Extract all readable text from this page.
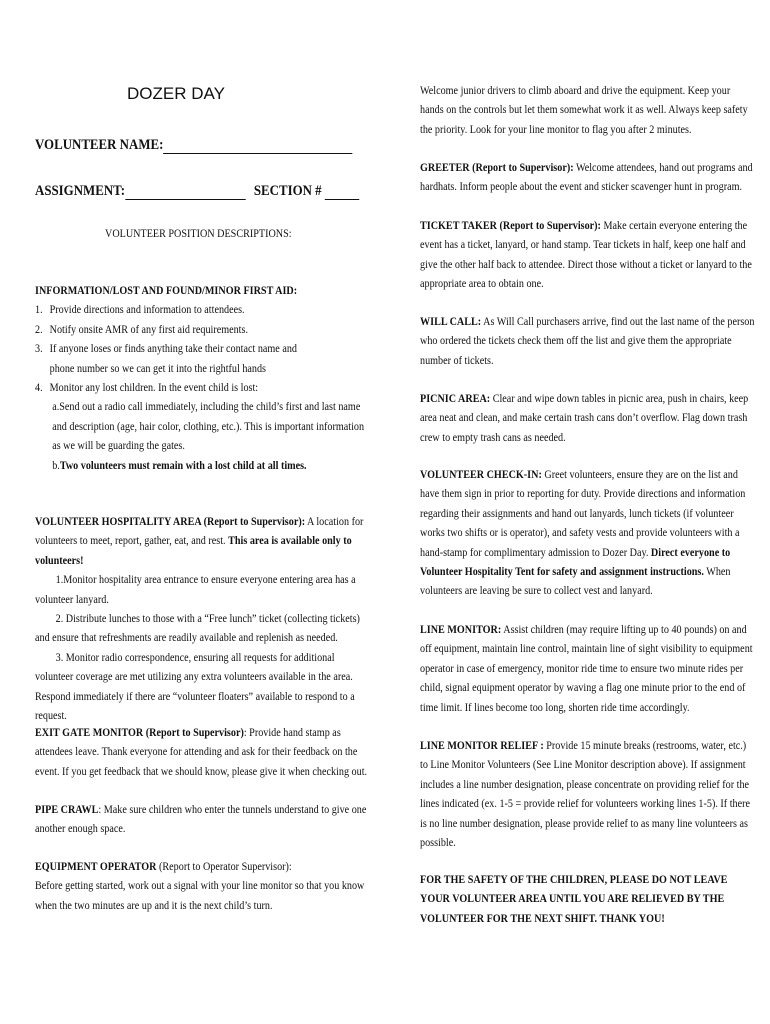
DOZER DAY
VOLUNTEER NAME:
ASSIGNMENT:	SECTION #
VOLUNTEER POSITION DESCRIPTIONS:
INFORMATION/LOST AND FOUND/MINOR FIRST AID:
1. Provide directions and information to attendees.
2. Notify onsite AMR of any first aid requirements.
3. If anyone loses or finds anything take their contact name and phone number so we can get it into the rightful hands
4. Monitor any lost children. In the event child is lost:
a.Send out a radio call immediately, including the child’s first and last name and description (age, hair color, clothing, etc.). This is important information as we will be guarding the gates.
b.Two volunteers must remain with a lost child at all times.
VOLUNTEER HOSPITALITY AREA (Report to Supervisor): A location for volunteers to meet, report, gather, eat, and rest. This area is available only to volunteers!
1.Monitor hospitality area entrance to ensure everyone entering area has a volunteer lanyard.
2. Distribute lunches to those with a “Free lunch” ticket (collecting tickets) and ensure that refreshments are readily available and replenish as needed.
3. Monitor radio correspondence, ensuring all requests for additional volunteer coverage are met utilizing any extra volunteers available in the area. Respond immediately if there are “volunteer floaters” available to respond to a request.
EXIT GATE MONITOR (Report to Supervisor): Provide hand stamp as attendees leave. Thank everyone for attending and ask for their feedback on the event. If you get feedback that we should know, please give it when checking out.
PIPE CRAWL: Make sure children who enter the tunnels understand to give one another enough space.
EQUIPMENT OPERATOR (Report to Operator Supervisor):
Before getting started, work out a signal with your line monitor so that you know when the two minutes are up and it is the next child’s turn.
Welcome junior drivers to climb aboard and drive the equipment. Keep your hands on the controls but let them somewhat work it as well. Always keep safety the priority. Look for your line monitor to flag you after 2 minutes.
GREETER (Report to Supervisor): Welcome attendees, hand out programs and hardhats. Inform people about the event and sticker scavenger hunt in program.
TICKET TAKER (Report to Supervisor): Make certain everyone entering the event has a ticket, lanyard, or hand stamp. Tear tickets in half, keep one half and give the other half back to attendee. Direct those without a ticket or lanyard to the appropriate area to obtain one.
WILL CALL: As Will Call purchasers arrive, find out the last name of the person who ordered the tickets check them off the list and give them the appropriate number of tickets.
PICNIC AREA: Clear and wipe down tables in picnic area, push in chairs, keep area neat and clean, and make certain trash cans don’t overflow. Flag down trash crew to empty trash cans as needed.
VOLUNTEER CHECK-IN: Greet volunteers, ensure they are on the list and have them sign in prior to reporting for duty. Provide directions and information regarding their assignments and hand out lanyards, lunch tickets (if volunteer works two shifts or is operator), and safety vests and provide volunteers with a hand-stamp for complimentary admission to Dozer Day. Direct everyone to Volunteer Hospitality Tent for safety and assignment instructions. When volunteers are leaving be sure to collect vest and lanyard.
LINE MONITOR: Assist children (may require lifting up to 40 pounds) on and off equipment, maintain line control, maintain line of sight visibility to equipment operator in case of emergency, monitor ride time to ensure two minute rides per child, signal equipment operator by waving a flag one minute prior to the end of time limit. If lines become too long, shorten ride time accordingly.
LINE MONITOR RELIEF : Provide 15 minute breaks (restrooms, water, etc.) to Line Monitor Volunteers (See Line Monitor description above). If assignment includes a line number designation, please concentrate on providing relief for the lines indicated (ex. 1-5 = provide relief for volunteers working lines 1-5). If there is no line number designation, please provide relief to as many line volunteers as possible.
FOR THE SAFETY OF THE CHILDREN, PLEASE DO NOT LEAVE YOUR VOLUNTEER AREA UNTIL YOU ARE RELIEVED BY THE VOLUNTEER FOR THE NEXT SHIFT. THANK YOU!
